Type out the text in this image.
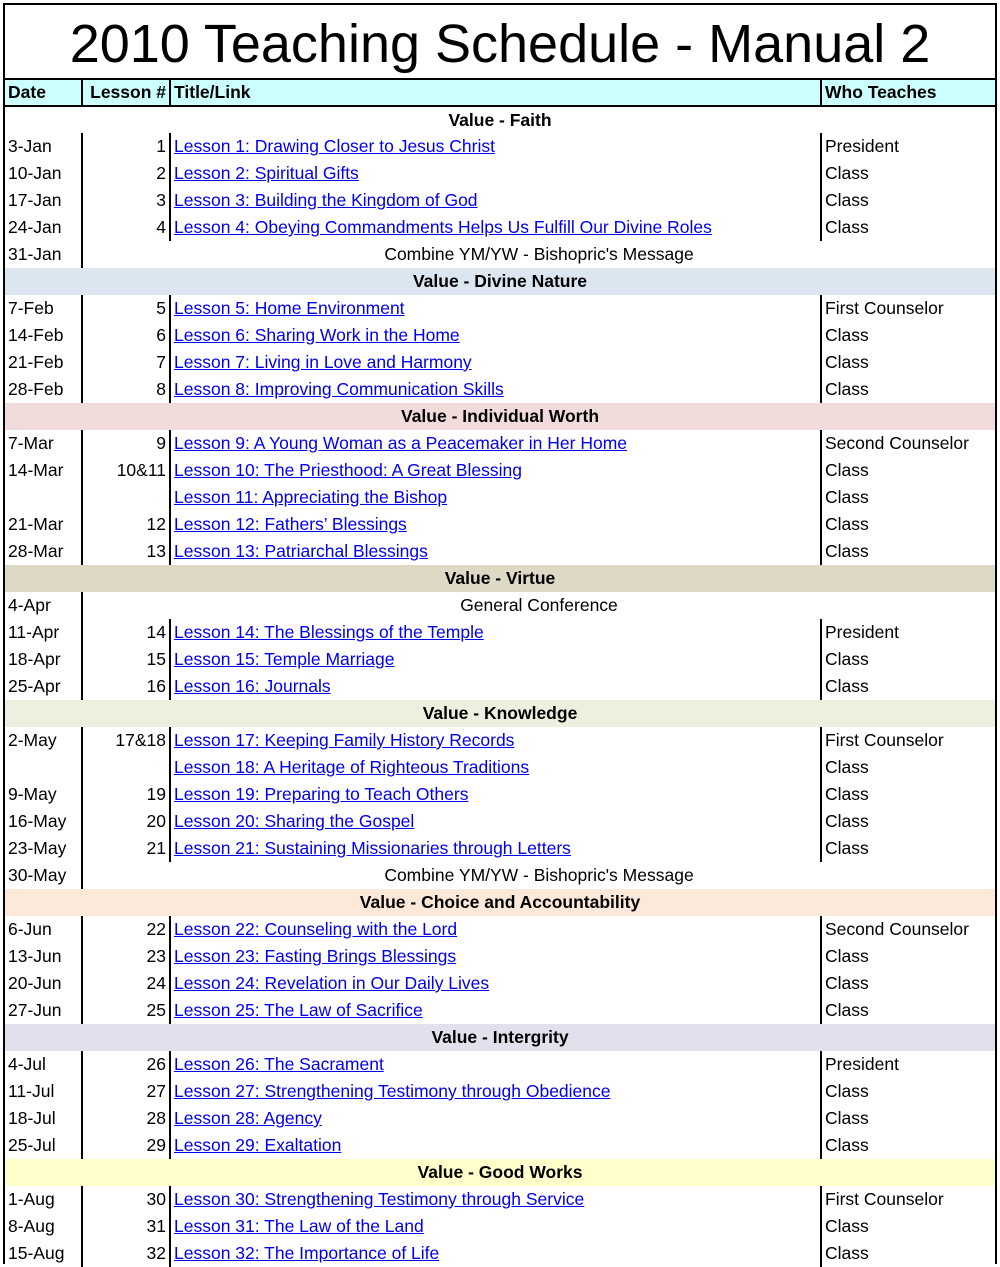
2010 Teaching Schedule - Manual 2
Date	Lesson #	Title/Link	Who Teaches
Value - Faith			
3-Jan	1	Lesson 1: Drawing Closer to Jesus Christ	President
10-Jan	2	Lesson 2: Spiritual Gifts	Class
17-Jan	3	Lesson 3: Building the Kingdom of God	Class
24-Jan	4	Lesson 4: Obeying Commandments Helps Us Fulfill Our Divine Roles	Class
31-Jan	Combine YM/YW - Bishopric's Message		
Value - Divine Nature			
7-Feb	5	Lesson 5: Home Environment	First Counselor
14-Feb	6	Lesson 6: Sharing Work in the Home	Class
21-Feb	7	Lesson 7: Living in Love and Harmony	Class
28-Feb	8	Lesson 8: Improving Communication Skills	Class
Value - Individual Worth			
7-Mar	9	Lesson 9: A Young Woman as a Peacemaker in Her Home	Second Counselor
14-Mar	10&11	Lesson 10: The Priesthood: A Great Blessing	Class
		Lesson 11: Appreciating the Bishop	Class
21-Mar	12	Lesson 12: Fathers’ Blessings	Class
28-Mar	13	Lesson 13: Patriarchal Blessings	Class
Value - Virtue			
4-Apr	General Conference		
11-Apr	14	Lesson 14: The Blessings of the Temple	President
18-Apr	15	Lesson 15: Temple Marriage	Class
25-Apr	16	Lesson 16: Journals	Class
Value - Knowledge			
2-May	17&18	Lesson 17: Keeping Family History Records	First Counselor
		Lesson 18: A Heritage of Righteous Traditions	Class
9-May	19	Lesson 19: Preparing to Teach Others	Class
16-May	20	Lesson 20: Sharing the Gospel	Class
23-May	21	Lesson 21: Sustaining Missionaries through Letters	Class
30-May	Combine YM/YW - Bishopric's Message		
Value - Choice and Accountability			
6-Jun	22	Lesson 22: Counseling with the Lord	Second Counselor
13-Jun	23	Lesson 23: Fasting Brings Blessings	Class
20-Jun	24	Lesson 24: Revelation in Our Daily Lives	Class
27-Jun	25	Lesson 25: The Law of Sacrifice	Class
Value - Intergrity			
4-Jul	26	Lesson 26: The Sacrament	President
11-Jul	27	Lesson 27: Strengthening Testimony through Obedience	Class
18-Jul	28	Lesson 28: Agency	Class
25-Jul	29	Lesson 29: Exaltation	Class
Value - Good Works			
1-Aug	30	Lesson 30: Strengthening Testimony through Service	First Counselor
8-Aug	31	Lesson 31: The Law of the Land	Class
15-Aug	32	Lesson 32: The Importance of Life	Class
